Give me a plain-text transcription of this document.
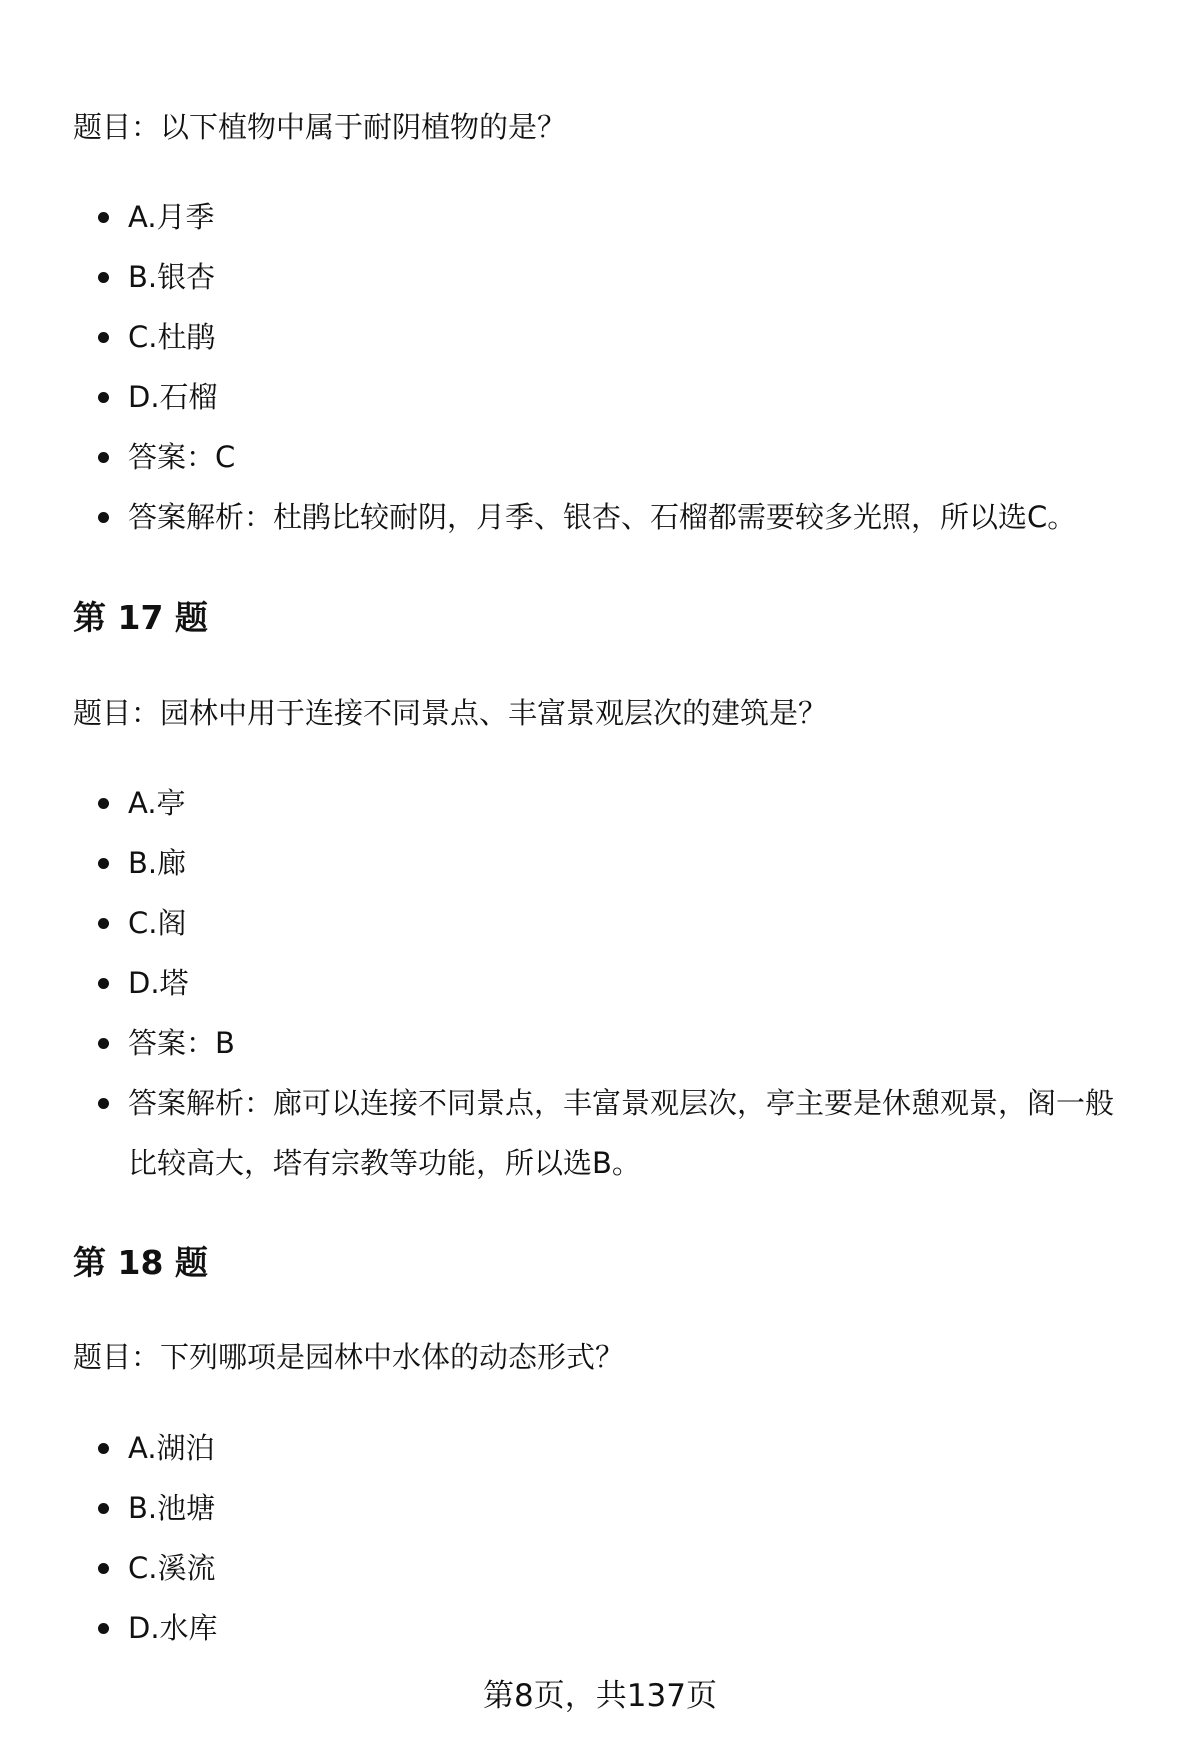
题目：以下植物中属于耐阴植物的是？

A.月季
B.银杏
C.杜鹃
D.石榴
答案：C
答案解析：杜鹃比较耐阴，月季、银杏、石榴都需要较多光照，所以选C。
第 17 题

题目：园林中用于连接不同景点、丰富景观层次的建筑是？

A.亭
B.廊
C.阁
D.塔
答案：B
答案解析：廊可以连接不同景点，丰富景观层次，亭主要是休憩观景，阁一般比较高大，塔有宗教等功能，所以选B。
第 18 题

题目：下列哪项是园林中水体的动态形式？

A.湖泊
B.池塘
C.溪流
D.水库
第8页，共137页
